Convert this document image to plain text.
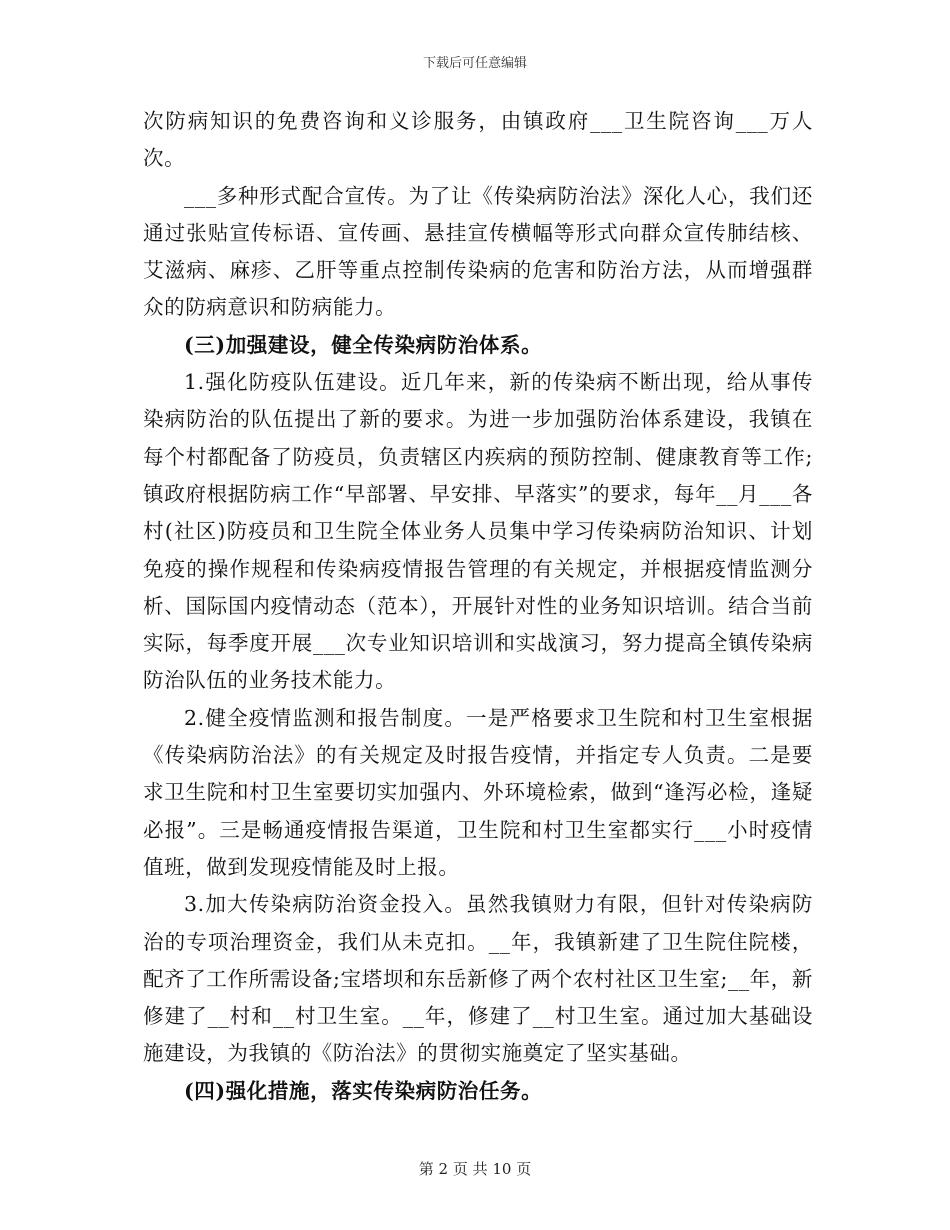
下载后可任意编辑

次防病知识的免费咨询和义诊服务，由镇政府___卫生院咨询___万人次。

___多种形式配合宣传。为了让《传染病防治法》深化人心，我们还通过张贴宣传标语、宣传画、悬挂宣传横幅等形式向群众宣传肺结核、艾滋病、麻疹、乙肝等重点控制传染病的危害和防治方法，从而增强群众的防病意识和防病能力。

(三)加强建设，健全传染病防治体系。

1.强化防疫队伍建设。近几年来，新的传染病不断出现，给从事传染病防治的队伍提出了新的要求。为进一步加强防治体系建设，我镇在每个村都配备了防疫员，负责辖区内疾病的预防控制、健康教育等工作;镇政府根据防病工作“早部署、早安排、早落实”的要求，每年__月___各村(社区)防疫员和卫生院全体业务人员集中学习传染病防治知识、计划免疫的操作规程和传染病疫情报告管理的有关规定，并根据疫情监测分析、国际国内疫情动态（范本），开展针对性的业务知识培训。结合当前实际，每季度开展___次专业知识培训和实战演习，努力提高全镇传染病防治队伍的业务技术能力。

2.健全疫情监测和报告制度。一是严格要求卫生院和村卫生室根据《传染病防治法》的有关规定及时报告疫情，并指定专人负责。二是要求卫生院和村卫生室要切实加强内、外环境检索，做到“逢泻必检，逢疑必报”。三是畅通疫情报告渠道，卫生院和村卫生室都实行___小时疫情值班，做到发现疫情能及时上报。

3.加大传染病防治资金投入。虽然我镇财力有限，但针对传染病防治的专项治理资金，我们从未克扣。__年，我镇新建了卫生院住院楼，配齐了工作所需设备;宝塔坝和东岳新修了两个农村社区卫生室;__年，新修建了__村和__村卫生室。__年，修建了__村卫生室。通过加大基础设施建设，为我镇的《防治法》的贯彻实施奠定了坚实基础。

(四)强化措施，落实传染病防治任务。

第 2 页 共 10 页
